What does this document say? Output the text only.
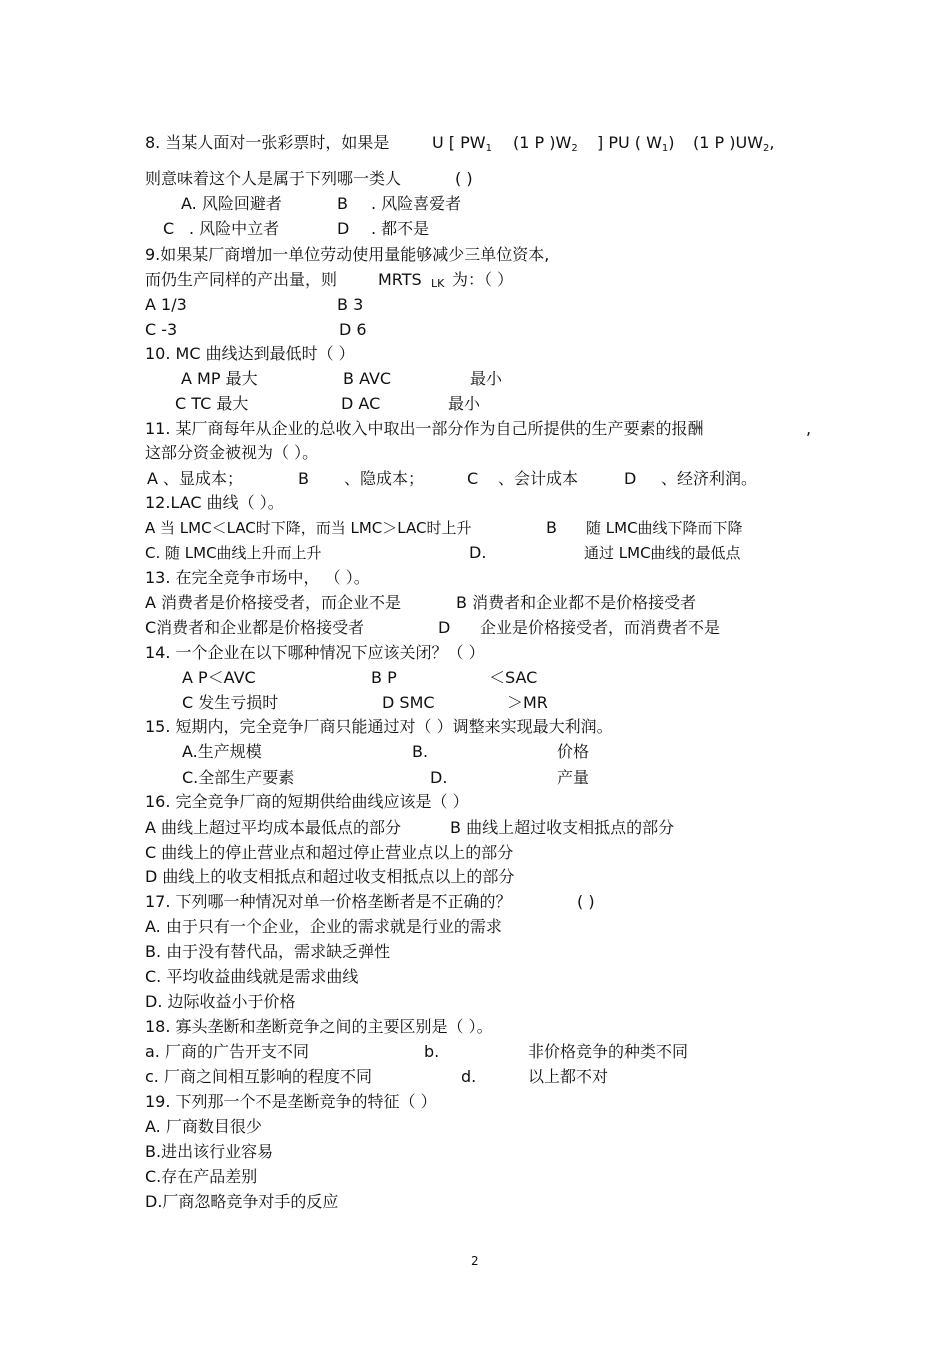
8. 当某人面对一张彩票时，如果是	U [ $PW_1$ (1 P )$W_2$ ] PU ( $W_1$) (1 P )$UW_2$,
则意味着这个人是属于下列哪一类人	( )
A. 风险回避者	B . 风险喜爱者
C . 风险中立者	D . 都不是
9.如果某厂商增加一单位劳动使用量能够减少三单位资本,
而仍生产同样的产出量，则	MRTS LK 为：（ ）
A 1/3	B 3
C -3	D 6
10. MC 曲线达到最低时（ ）
A MP 最大	B AVC	最小
C TC 最大	D AC	最小
11. 某厂商每年从企业的总收入中取出一部分作为自己所提供的生产要素的报酬	,
这部分资金被视为（ ）。
A 、显成本；	B 、隐成本；	C 、会计成本	D 、经济利润。
12.LAC 曲线（ ）。
A 当 LMC＜LAC时下降，而当 LMC＞LAC时上升	B 随 LMC曲线下降而下降
C. 随 LMC曲线上升而上升	D.	通过 LMC曲线的最低点
13. 在完全竞争市场中， （ ）。
A 消费者是价格接受者，而企业不是	B 消费者和企业都不是价格接受者
C消费者和企业都是价格接受者	D 企业是价格接受者，而消费者不是
14. 一个企业在以下哪种情况下应该关闭？（ ）
A P＜AVC	B P	＜SAC
C 发生亏损时	D SMC	＞MR
15. 短期内，完全竞争厂商只能通过对（ ）调整来实现最大利润。
A.生产规模	B.	价格
C.全部生产要素	D.	产量
16. 完全竞争厂商的短期供给曲线应该是（ ）
A 曲线上超过平均成本最低点的部分	B 曲线上超过收支相抵点的部分
C 曲线上的停止营业点和超过停止营业点以上的部分
D 曲线上的收支相抵点和超过收支相抵点以上的部分
17. 下列哪一种情况对单一价格垄断者是不正确的？	( )
A. 由于只有一个企业，企业的需求就是行业的需求
B. 由于没有替代品，需求缺乏弹性
C. 平均收益曲线就是需求曲线
D. 边际收益小于价格
18. 寡头垄断和垄断竞争之间的主要区别是（ ）。
a. 厂商的广告开支不同	b.	非价格竞争的种类不同
c. 厂商之间相互影响的程度不同	d.	以上都不对
19. 下列那一个不是垄断竞争的特征（ ）
A. 厂商数目很少
B.进出该行业容易
C.存在产品差别
D.厂商忽略竞争对手的反应
2
